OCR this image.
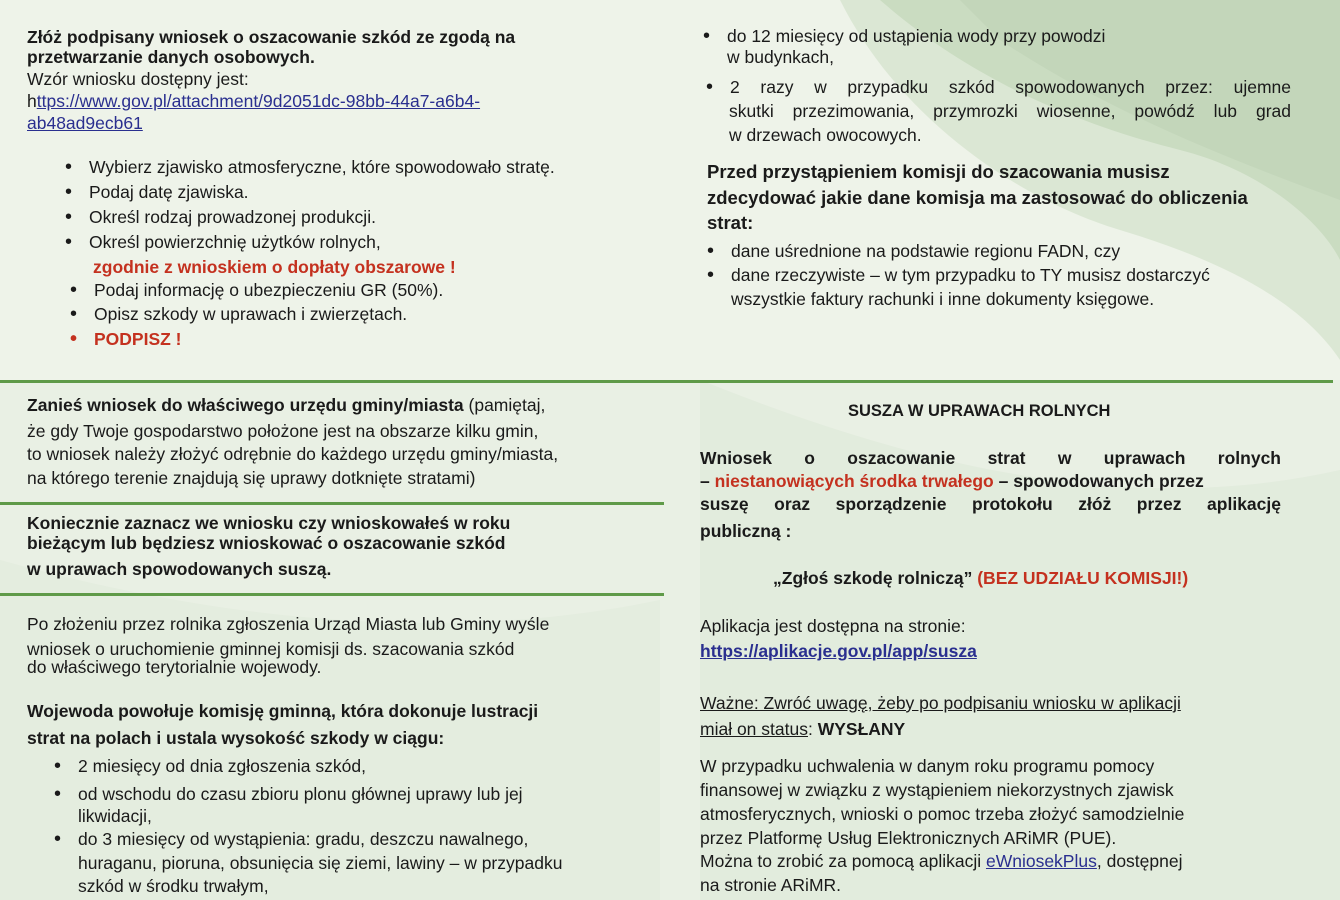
Złóż podpisany wniosek o oszacowanie szkód ze zgodą na

przetwarzanie danych osobowych.

Wzór wniosku dostępny jest:

https://www.gov.pl/attachment/9d2051dc-98bb-44a7-a6b4-

ab48ad9ecb61

• Wybierz zjawisko atmosferyczne, które spowodowało stratę.
• Podaj datę zjawiska.
• Określ rodzaj prowadzonej produkcji.
• Określ powierzchnię użytków rolnych,

zgodnie z wnioskiem o dopłaty obszarowe !

• Podaj informację o ubezpieczeniu GR (50%).
• Opisz szkody w uprawach i zwierzętach.
• PODPISZ !
• do 12 miesięcy od ustąpienia wody przy powodzi

w budynkach,

• 2 razy w przypadku szkód spowodowanych przez: ujemne

skutki przezimowania, przymrozki wiosenne, powódź lub grad

w drzewach owocowych.

Przed przystąpieniem komisji do szacowania musisz

zdecydować jakie dane komisja ma zastosować do obliczenia

strat:

• dane uśrednione na podstawie regionu FADN, czy
• dane rzeczywiste – w tym przypadku to TY musisz dostarczyć

wszystkie faktury rachunki i inne dokumenty księgowe.

Zanieś wniosek do właściwego urzędu gminy/miasta (pamiętaj,

że gdy Twoje gospodarstwo położone jest na obszarze kilku gmin,

to wniosek należy złożyć odrębnie do każdego urzędu gminy/miasta,

na którego terenie znajdują się uprawy dotknięte stratami)

Koniecznie zaznacz we wniosku czy wnioskowałeś w roku

bieżącym lub będziesz wnioskować o oszacowanie szkód

w uprawach spowodowanych suszą.

Po złożeniu przez rolnika zgłoszenia Urząd Miasta lub Gminy wyśle

wniosek o uruchomienie gminnej komisji ds. szacowania szkód

do właściwego terytorialnie wojewody.

Wojewoda powołuje komisję gminną, która dokonuje lustracji

strat na polach i ustala wysokość szkody w ciągu:

• 2 miesięcy od dnia zgłoszenia szkód,
• od wschodu do czasu zbioru plonu głównej uprawy lub jej

likwidacji,

• do 3 miesięcy od wystąpienia: gradu, deszczu nawalnego,

huraganu, pioruna, obsunięcia się ziemi, lawiny – w przypadku

szkód w środku trwałym,

SUSZA W UPRAWACH ROLNYCH

Wniosek o oszacowanie strat w uprawach rolnych

– niestanowiących środka trwałego – spowodowanych przez

suszę oraz sporządzenie protokołu złóż przez aplikację

publiczną :

„Zgłoś szkodę rolniczą” (BEZ UDZIAŁU KOMISJI!)

Aplikacja jest dostępna na stronie:

https://aplikacje.gov.pl/app/susza

Ważne: Zwróć uwagę, żeby po podpisaniu wniosku w aplikacji

miał on status: WYSŁANY

W przypadku uchwalenia w danym roku programu pomocy

finansowej w związku z wystąpieniem niekorzystnych zjawisk

atmosferycznych, wnioski o pomoc trzeba złożyć samodzielnie

przez Platformę Usług Elektronicznych ARiMR (PUE).

Można to zrobić za pomocą aplikacji eWniosekPlus, dostępnej

na stronie ARiMR.
